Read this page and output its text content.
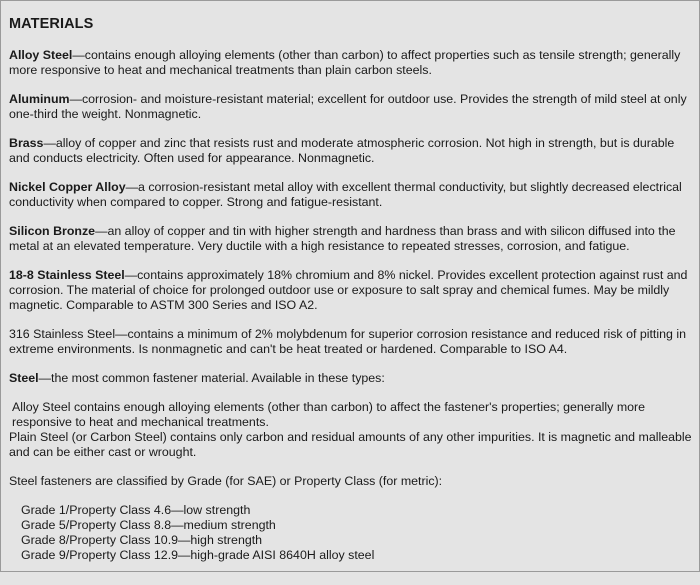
MATERIALS

Alloy Steel—contains enough alloying elements (other than carbon) to affect properties such as tensile strength; generally more responsive to heat and mechanical treatments than plain carbon steels.

Aluminum—corrosion- and moisture-resistant material; excellent for outdoor use. Provides the strength of mild steel at only one-third the weight. Nonmagnetic.

Brass—alloy of copper and zinc that resists rust and moderate atmospheric corrosion. Not high in strength, but is durable and conducts electricity. Often used for appearance. Nonmagnetic.

Nickel Copper Alloy—a corrosion-resistant metal alloy with excellent thermal conductivity, but slightly decreased electrical conductivity when compared to copper. Strong and fatigue-resistant.

Silicon Bronze—an alloy of copper and tin with higher strength and hardness than brass and with silicon diffused into the metal at an elevated temperature. Very ductile with a high resistance to repeated stresses, corrosion, and fatigue.

18-8 Stainless Steel—contains approximately 18% chromium and 8% nickel. Provides excellent protection against rust and corrosion. The material of choice for prolonged outdoor use or exposure to salt spray and chemical fumes. May be mildly magnetic. Comparable to ASTM 300 Series and ISO A2.

316 Stainless Steel—contains a minimum of 2% molybdenum for superior corrosion resistance and reduced risk of pitting in extreme environments. Is nonmagnetic and can't be heat treated or hardened. Comparable to ISO A4.

Steel—the most common fastener material. Available in these types:

Alloy Steel contains enough alloying elements (other than carbon) to affect the fastener's properties; generally more responsive to heat and mechanical treatments.

Plain Steel (or Carbon Steel) contains only carbon and residual amounts of any other impurities. It is magnetic and malleable and can be either cast or wrought.

Steel fasteners are classified by Grade (for SAE) or Property Class (for metric):

Grade 1/Property Class 4.6—low strength
Grade 5/Property Class 8.8—medium strength
Grade 8/Property Class 10.9—high strength
Grade 9/Property Class 12.9—high-grade AISI 8640H alloy steel
